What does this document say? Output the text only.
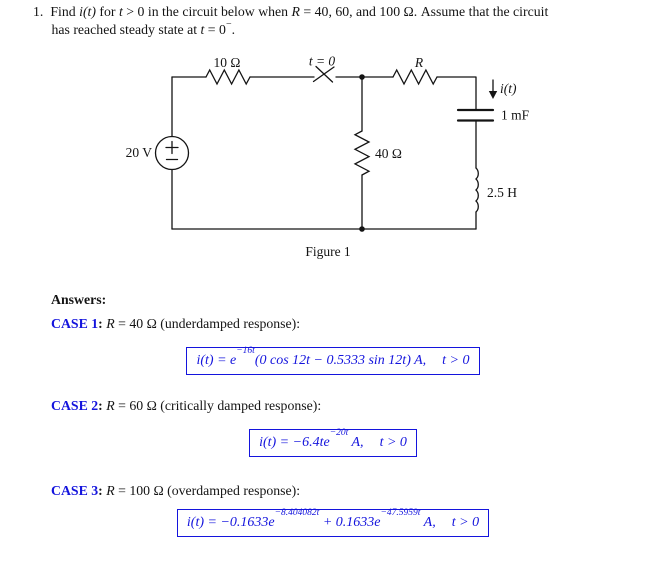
1. Find i(t) for t > 0 in the circuit below when R = 40, 60, and 100 Ω. Assume that the circuit
has reached steady state at t = 0−.
20 V
10 Ω	t = 0	R
i(t)
1 mF
40 Ω
2.5 H
Figure 1
Answers:
CASE 1: R = 40 Ω (underdamped response):
$i(t) = e^{-16t}(0$ cos 12t − 0.5333 sin 12t) A, t > 0
CASE 2: R = 60 Ω (critically damped response):
$i(t) = -6.4te^{-20t}$ A, t > 0
CASE 3: R = 100 Ω (overdamped response):
$i(t) = -0.1633e^{-8.404082t} + 0.1633e^{-47.5959t}$ A, t > 0
